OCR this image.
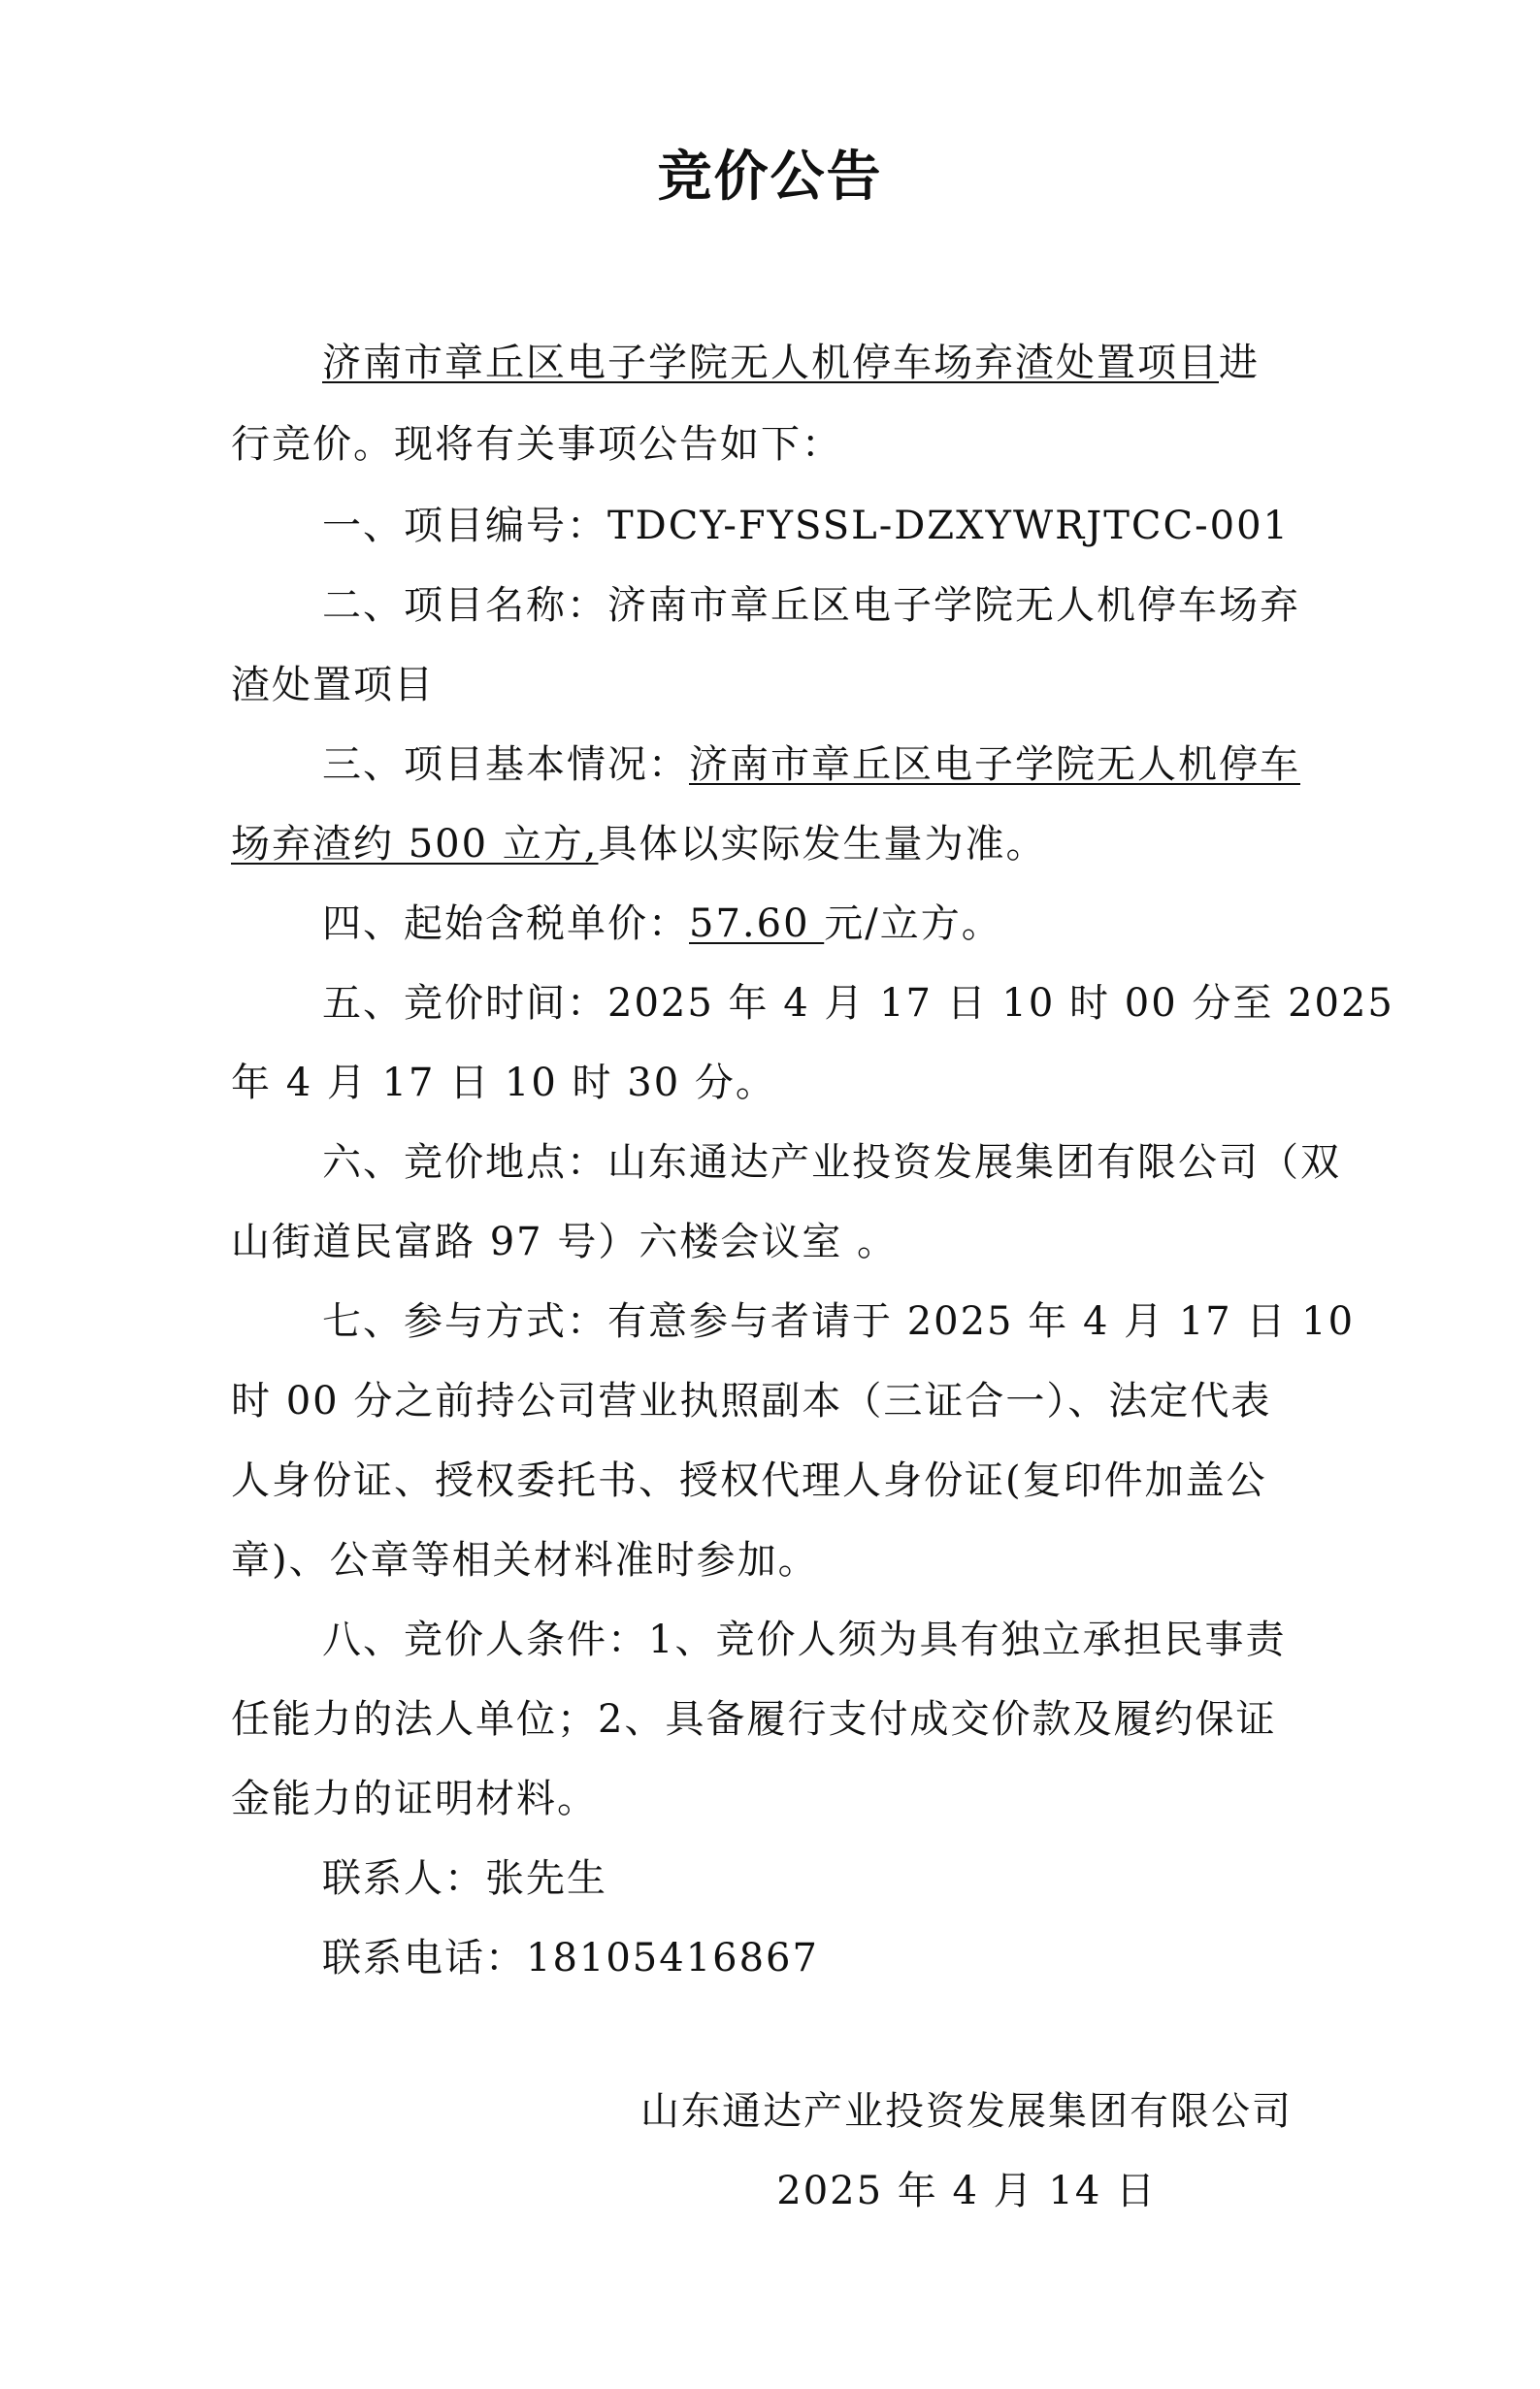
竞价公告
济南市章丘区电子学院无人机停车场弃渣处置项目进
行竞价。现将有关事项公告如下：
一、项目编号：TDCY-FYSSL-DZXYWRJTCC-001
二、项目名称：济南市章丘区电子学院无人机停车场弃
渣处置项目
三、项目基本情况：济南市章丘区电子学院无人机停车
场弃渣约 500 立方,具体以实际发生量为准。
四、起始含税单价：57.60 元/立方。
五、竞价时间：2025 年 4 月 17 日 10 时 00 分至 2025
年 4 月 17 日 10 时 30 分。
六、竞价地点：山东通达产业投资发展集团有限公司（双
山街道民富路 97 号）六楼会议室 。
七、参与方式：有意参与者请于 2025 年 4 月 17 日 10
时 00 分之前持公司营业执照副本（三证合一）、法定代表
人身份证、授权委托书、授权代理人身份证(复印件加盖公
章)、公章等相关材料准时参加。
八、竞价人条件：1、竞价人须为具有独立承担民事责
任能力的法人单位；2、具备履行支付成交价款及履约保证
金能力的证明材料。
联系人：张先生
联系电话：18105416867
山东通达产业投资发展集团有限公司
2025 年 4 月 14 日
